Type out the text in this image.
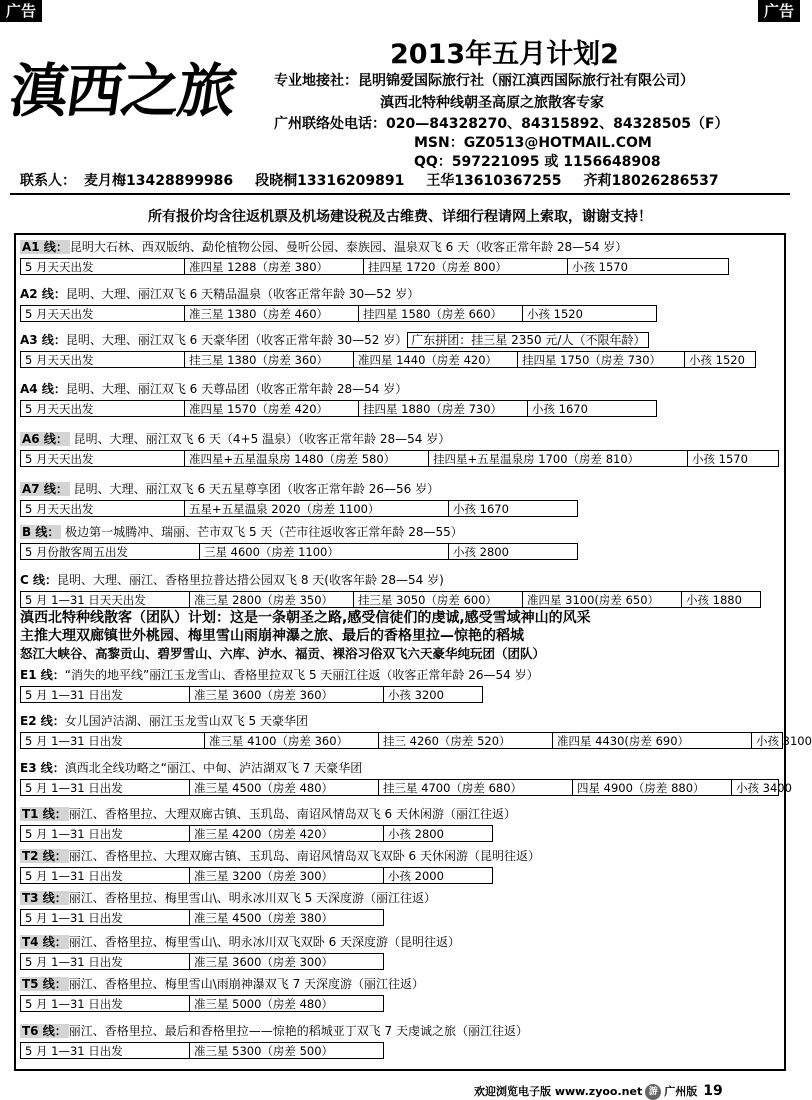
广告	广告
滇西之旅
2013年五月计划2
专业地接社：昆明锦爱国际旅行社（丽江滇西国际旅行社有限公司）
滇西北特种线朝圣高原之旅散客专家
广州联络处电话：020—84328270、84315892、84328505（F）
MSN：GZ0513@HOTMAIL.COM
QQ：597221095 或 1156648908
联系人： 麦月梅13428899986 段晓桐13316209891 王华13610367255 齐莉18026286537
所有报价均含往返机票及机场建设税及古维费、详细行程请网上索取，谢谢支持！
A1 线： 昆明大石林、西双版纳、勐伦植物公园、曼听公园、泰族园、温泉双飞 6 天（收客正常年龄 28—54 岁）
5 月天天出发	准四星 1288（房差 380）	挂四星 1720（房差 800）	小孩 1570
A2 线：昆明、大理、丽江双飞 6 天精品温泉（收客正常年龄 30—52 岁）
5 月天天出发	准三星 1380（房差 460）	挂四星 1580（房差 660）	小孩 1520
A3 线：昆明、大理、丽江双飞 6 天豪华团（收客正常年龄 30—52 岁） 广东拼团：挂三星 2350 元/人（不限年龄）
5 月天天出发	挂三星 1380（房差 360）	准四星 1440（房差 420）	挂四星 1750（房差 730）	小孩 1520
A4 线：昆明、大理、丽江双飞 6 天尊品团（收客正常年龄 28—54 岁）
5 月天天出发	准四星 1570（房差 420）	挂四星 1880（房差 730）	小孩 1670
A6 线： 昆明、大理、丽江双飞 6 天（4+5 温泉）（收客正常年龄 28—54 岁）
5 月天天出发	准四星+五星温泉房 1480（房差 580）	挂四星+五星温泉房 1700（房差 810）	小孩 1570
A7 线： 昆明、大理、丽江双飞 6 天五星尊享团（收客正常年龄 26—56 岁）
5 月天天出发	五星+五星温泉 2020（房差 1100）	小孩 1670
B 线： 极边第一城腾冲、瑞丽、芒市双飞 5 天（芒市往返收客正常年龄 28—55）
5 月份散客周五出发	三星 4600（房差 1100）	小孩 2800
C 线：昆明、大理、丽江、香格里拉普达措公园双飞 8 天(收客年龄 28—54 岁)
5 月 1—31 日天天出发	准三星 2800（房差 350）	挂三星 3050（房差 600）	准四星 3100(房差 650）	小孩 1880
滇西北特种线散客（团队）计划：这是一条朝圣之路,感受信徒们的虔诚,感受雪域神山的风采
主推大理双廊镇世外桃园、梅里雪山雨崩神瀑之旅、最后的香格里拉—惊艳的稻城
怒江大峡谷、高黎贡山、碧罗雪山、六库、泸水、福贡、裸浴习俗双飞六天豪华纯玩团（团队）
E1 线：“消失的地平线”丽江玉龙雪山、香格里拉双飞 5 天丽江往返（收客正常年龄 26—54 岁）
5 月 1—31 日出发	准三星 3600（房差 360）	小孩 3200
E2 线：女儿国泸沽湖、丽江玉龙雪山双飞 5 天豪华团
5 月 1—31 日出发	准三星 4100（房差 360）	挂三 4260（房差 520）	准四星 4430(房差 690）	小孩 3100
E3 线：滇西北全线功略之“丽江、中甸、泸沽湖双飞 7 天豪华团
5 月 1—31 日出发	准三星 4500（房差 480）	挂三星 4700（房差 680）	四星 4900（房差 880）	小孩 3400
T1 线： 丽江、香格里拉、大理双廊古镇、玉玑岛、南诏风情岛双飞 6 天休闲游（丽江往返）
5 月 1—31 日出发	准三星 4200（房差 420）	小孩 2800
T2 线： 丽江、香格里拉、大理双廊古镇、玉玑岛、南诏风情岛双飞双卧 6 天休闲游（昆明往返）
5 月 1—31 日出发	准三星 3200（房差 300）	小孩 2000
T3 线： 丽江、香格里拉、梅里雪山\、明永冰川双飞 5 天深度游（丽江往返）
5 月 1—31 日出发	准三星 4500（房差 380）
T4 线： 丽江、香格里拉、梅里雪山\、明永冰川双飞双卧 6 天深度游（昆明往返）
5 月 1—31 日出发	准三星 3600（房差 300）
T5 线： 丽江、香格里拉、梅里雪山\雨崩神瀑双飞 7 天深度游（丽江往返）
5 月 1—31 日出发	准三星 5000（房差 480）
T6 线： 丽江、香格里拉、最后和香格里拉——惊艳的稻城亚丁双飞 7 天虔诚之旅（丽江往返）
5 月 1—31 日出发	准三星 5300（房差 500）
欢迎浏览电子版 www.zyoo.net 游 广州版 19
